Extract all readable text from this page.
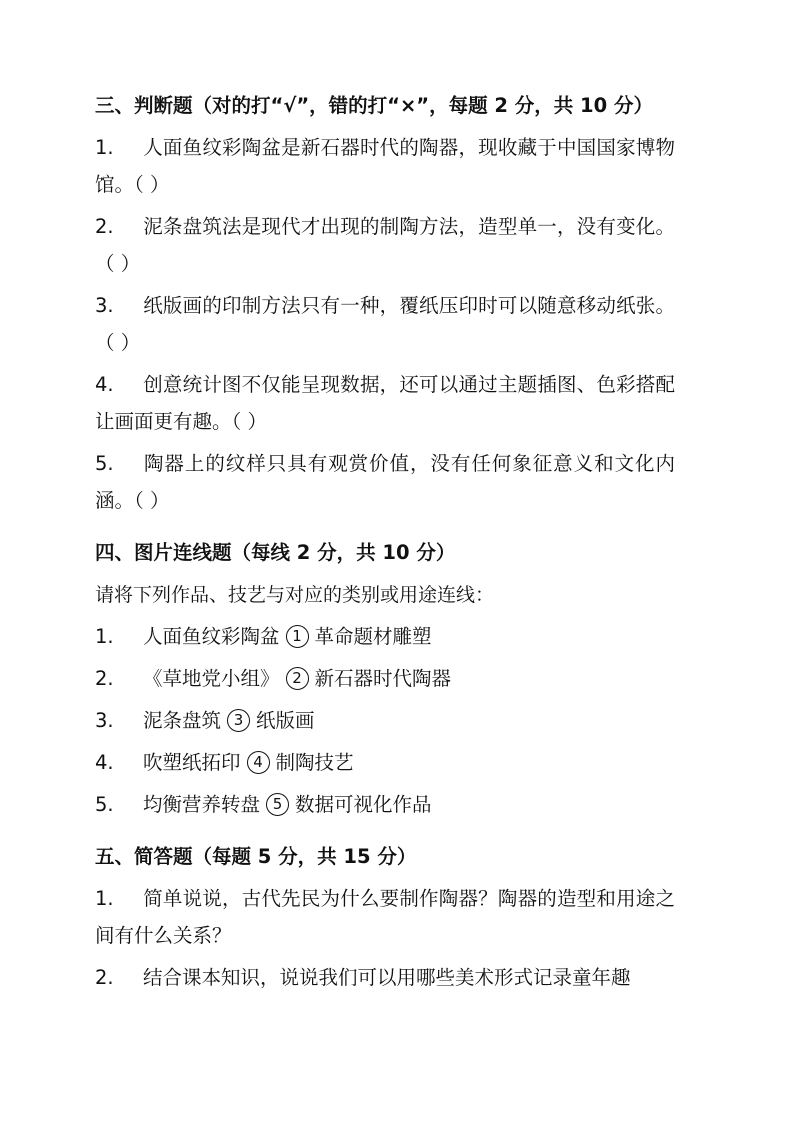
三、判断题（对的打“√”，错的打“×”，每题 2 分，共 10 分）
1. 人面鱼纹彩陶盆是新石器时代的陶器，现收藏于中国国家博物馆。（ ）
2. 泥条盘筑法是现代才出现的制陶方法，造型单一，没有变化。（ ）
3. 纸版画的印制方法只有一种，覆纸压印时可以随意移动纸张。（ ）
4. 创意统计图不仅能呈现数据，还可以通过主题插图、色彩搭配让画面更有趣。（ ）
5. 陶器上的纹样只具有观赏价值，没有任何象征意义和文化内涵。（ ）
四、图片连线题（每线 2 分，共 10 分）
请将下列作品、技艺与对应的类别或用途连线：
1. 人面鱼纹彩陶盆 1 革命题材雕塑
2. 《草地党小组》 2 新石器时代陶器
3. 泥条盘筑 3 纸版画
4. 吹塑纸拓印 4 制陶技艺
5. 均衡营养转盘 5 数据可视化作品
五、简答题（每题 5 分，共 15 分）
1. 简单说说，古代先民为什么要制作陶器？陶器的造型和用途之间有什么关系？
2. 结合课本知识，说说我们可以用哪些美术形式记录童年趣
